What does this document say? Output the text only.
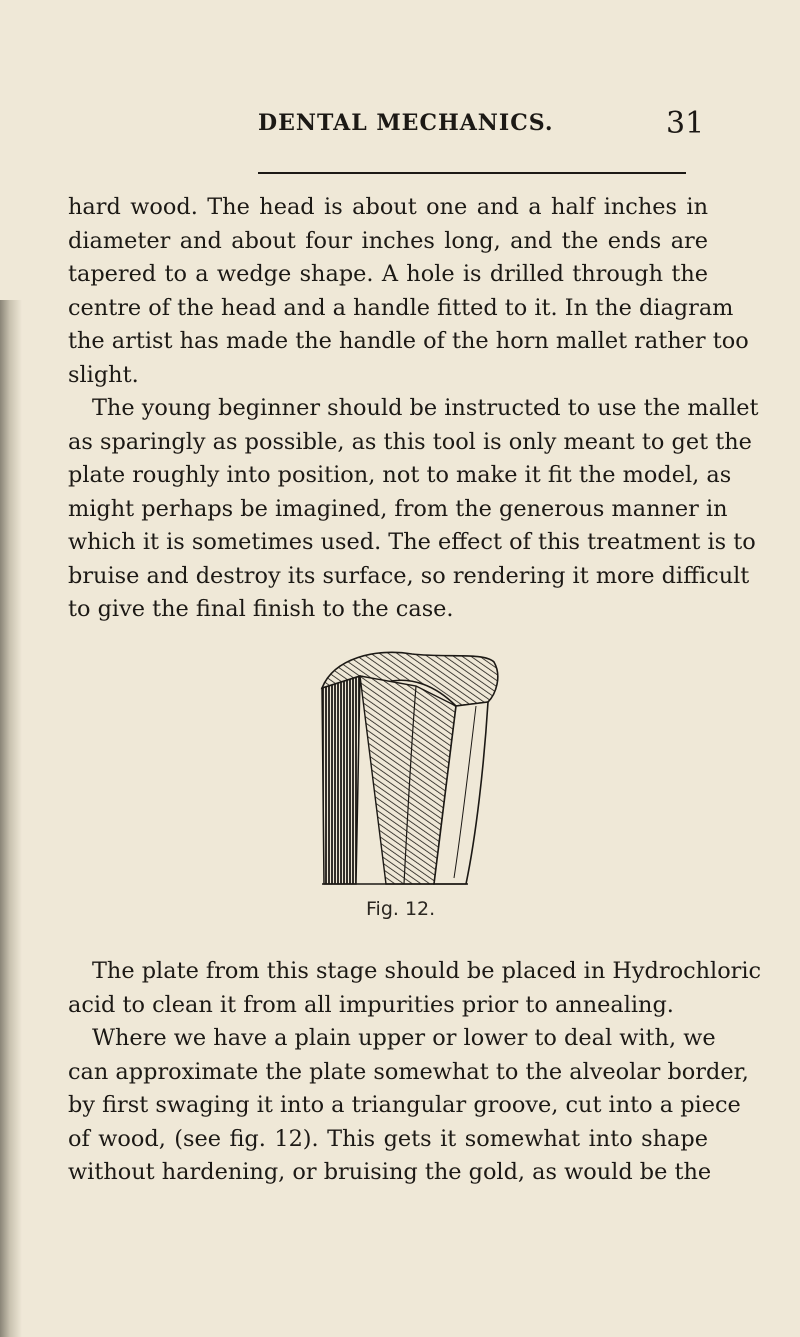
DENTAL MECHANICS.	31

hard wood. The head is about one and a half inches in
diameter and about four inches long, and the ends are
tapered to a wedge shape. A hole is drilled through the
centre of the head and a handle fitted to it. In the diagram
the artist has made the handle of the horn mallet rather too
slight.

The young beginner should be instructed to use the mallet
as sparingly as possible, as this tool is only meant to get the
plate roughly into position, not to make it fit the model, as
might perhaps be imagined, from the generous manner in
which it is sometimes used. The effect of this treatment is to
bruise and destroy its surface, so rendering it more difficult
to give the final finish to the case.

Fig. 12.

The plate from this stage should be placed in Hydrochloric
acid to clean it from all impurities prior to annealing.

Where we have a plain upper or lower to deal with, we
can approximate the plate somewhat to the alveolar border,
by first swaging it into a triangular groove, cut into a piece
of wood, (see fig. 12). This gets it somewhat into shape
without hardening, or bruising the gold, as would be the
